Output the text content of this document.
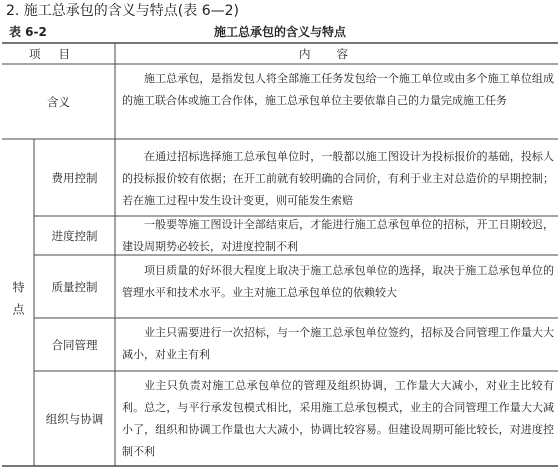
2. 施工总承包的含义与特点(表 6—2)
表 6-2	施工总承包的含义与特点
项目	内容
含义
施工总承包，是指发包人将全部施工任务发包给一个施工单位或由多个施工单位组成的施工联合体或施工合作体，施工总承包单位主要依靠自己的力量完成施工任务
特点
费用控制
在通过招标选择施工总承包单位时，一般都以施工图设计为投标报价的基础，投标人的投标报价较有依据；在开工前就有较明确的合同价，有利于业主对总造价的早期控制；若在施工过程中发生设计变更，则可能发生索赔
进度控制
一般要等施工图设计全部结束后，才能进行施工总承包单位的招标，开工日期较迟，建设周期势必较长，对进度控制不利
质量控制
项目质量的好坏很大程度上取决于施工总承包单位的选择，取决于施工总承包单位的管理水平和技术水平。业主对施工总承包单位的依赖较大
合同管理
业主只需要进行一次招标，与一个施工总承包单位签约，招标及合同管理工作量大大减小，对业主有利
组织与协调
业主只负责对施工总承包单位的管理及组织协调，工作量大大减小，对业主比较有利。总之，与平行承发包模式相比，采用施工总承包模式，业主的合同管理工作量大大减小了，组织和协调工作量也大大减小，协调比较容易。但建设周期可能比较长，对进度控制不利
